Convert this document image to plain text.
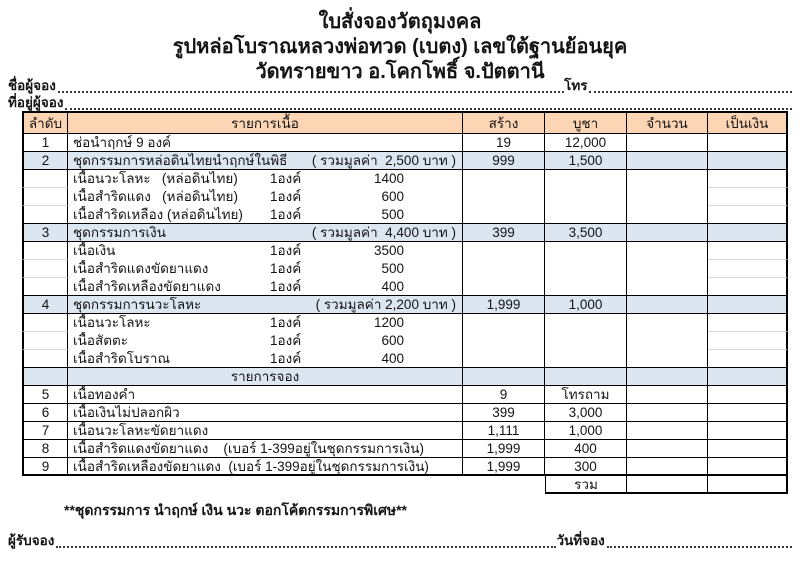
ใบสั่งจองวัตถุมงคล
รูปหล่อโบราณหลวงพ่อทวด (เบตง) เลขใต้ฐานย้อนยุค
วัดทรายขาว อ.โคกโพธิ์ จ.ปัตตานี
ชื่อผู้จอง	โทร
ที่อยู่ผู้จอง
ลำดับ	รายการเนื้อ	สร้าง	บูชา	จำนวน	เป็นเงิน
1	ช่อนำฤกษ์ 9 องค์	19	12,000
2	ชุดกรรมการหล่อดินไทยนำฤกษ์ในพิธี	( รวมมูลค่า  2,500 บาท )	999	1,500
เนื้อนวะโลหะ   (หล่อดินไทย)	1องค์	1400
เนื้อสำริดแดง   (หล่อดินไทย)	1องค์	600
เนื้อสำริดเหลือง (หล่อดินไทย)	1องค์	500
3	ชุดกรรมการเงิน	( รวมมูลค่า  4,400 บาท )	399	3,500
เนื้อเงิน	1องค์	3500
เนื้อสำริดแดงขัดยาแดง	1องค์	500
เนื้อสำริดเหลืองขัดยาแดง	1องค์	400
4	ชุดกรรมการนวะโลหะ	( รวมมูลค่า 2,200 บาท )	1,999	1,000
เนื้อนวะโลหะ	1องค์	1200
เนื้อสัตตะ	1องค์	600
เนื้อสำริดโบราณ	1องค์	400
รายการจอง
5	เนื้อทองคำ	9	โทรถาม
6	เนื้อเงินไม่ปลอกผิว	399	3,000
7	เนื้อนวะโลหะขัดยาแดง	1,111	1,000
8	เนื้อสำริดแดงขัดยาแดง    (เบอร์ 1-399อยู่ในชุดกรรมการเงิน)	1,999	400
9	เนื้อสำริดเหลืองขัดยาแดง  (เบอร์ 1-399อยู่ในชุดกรรมการเงิน)	1,999	300
รวม
**ชุดกรรมการ นำฤกษ์ เงิน นวะ ตอกโค้ตกรรมการพิเศษ**
ผู้รับจอง	วันที่จอง
